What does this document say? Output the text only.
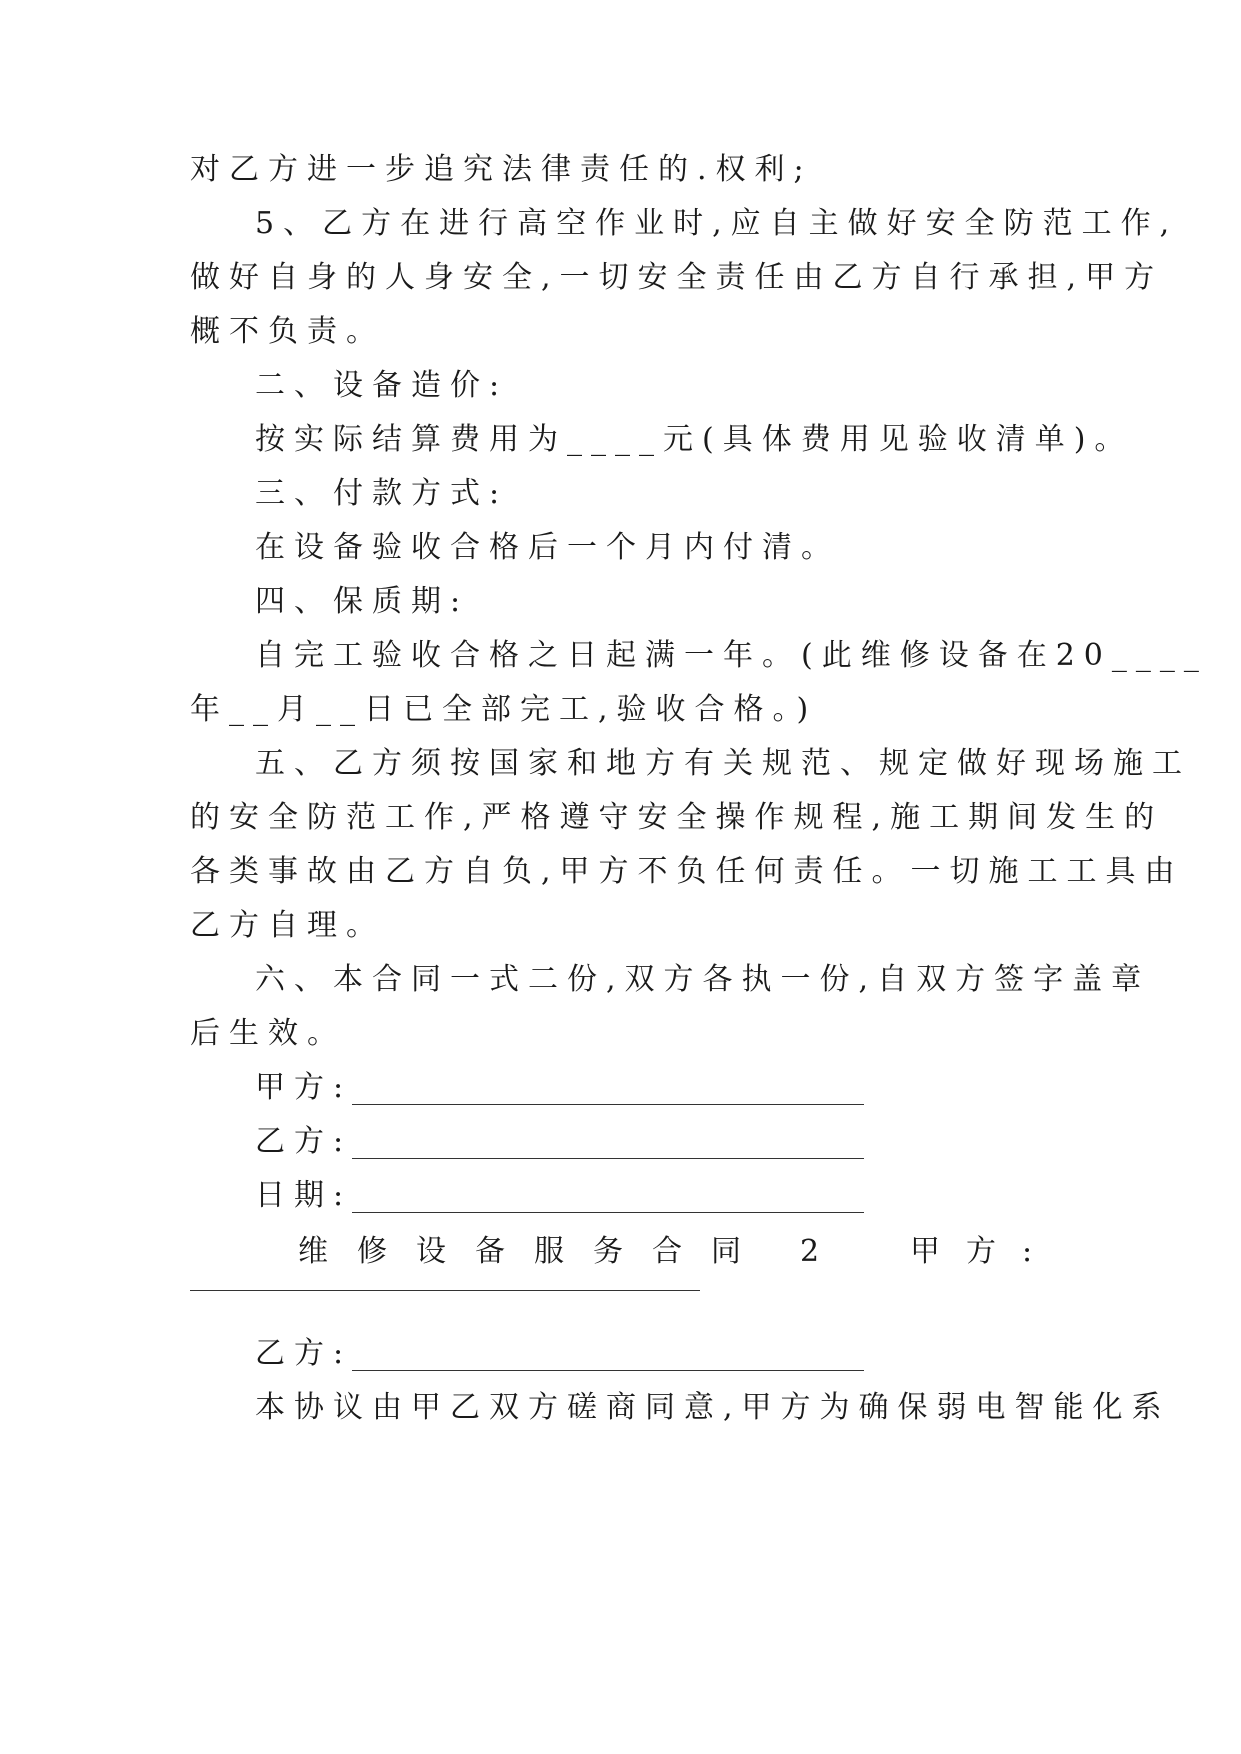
对乙方进一步追究法律责任的.权利;
5、乙方在进行高空作业时,应自主做好安全防范工作,
做好自身的人身安全,一切安全责任由乙方自行承担,甲方
概不负责。
二、设备造价:
按实际结算费用为____元(具体费用见验收清单)。
三、付款方式:
在设备验收合格后一个月内付清。
四、保质期:
自完工验收合格之日起满一年。(此维修设备在20____
年__月__日已全部完工,验收合格。)
五、乙方须按国家和地方有关规范、规定做好现场施工
的安全防范工作,严格遵守安全操作规程,施工期间发生的
各类事故由乙方自负,甲方不负任何责任。一切施工工具由
乙方自理。
六、本合同一式二份,双方各执一份,自双方签字盖章
后生效。
甲方:
乙方:
日期:
维修设备服务合同 2 甲方:
乙方:
本协议由甲乙双方磋商同意,甲方为确保弱电智能化系
